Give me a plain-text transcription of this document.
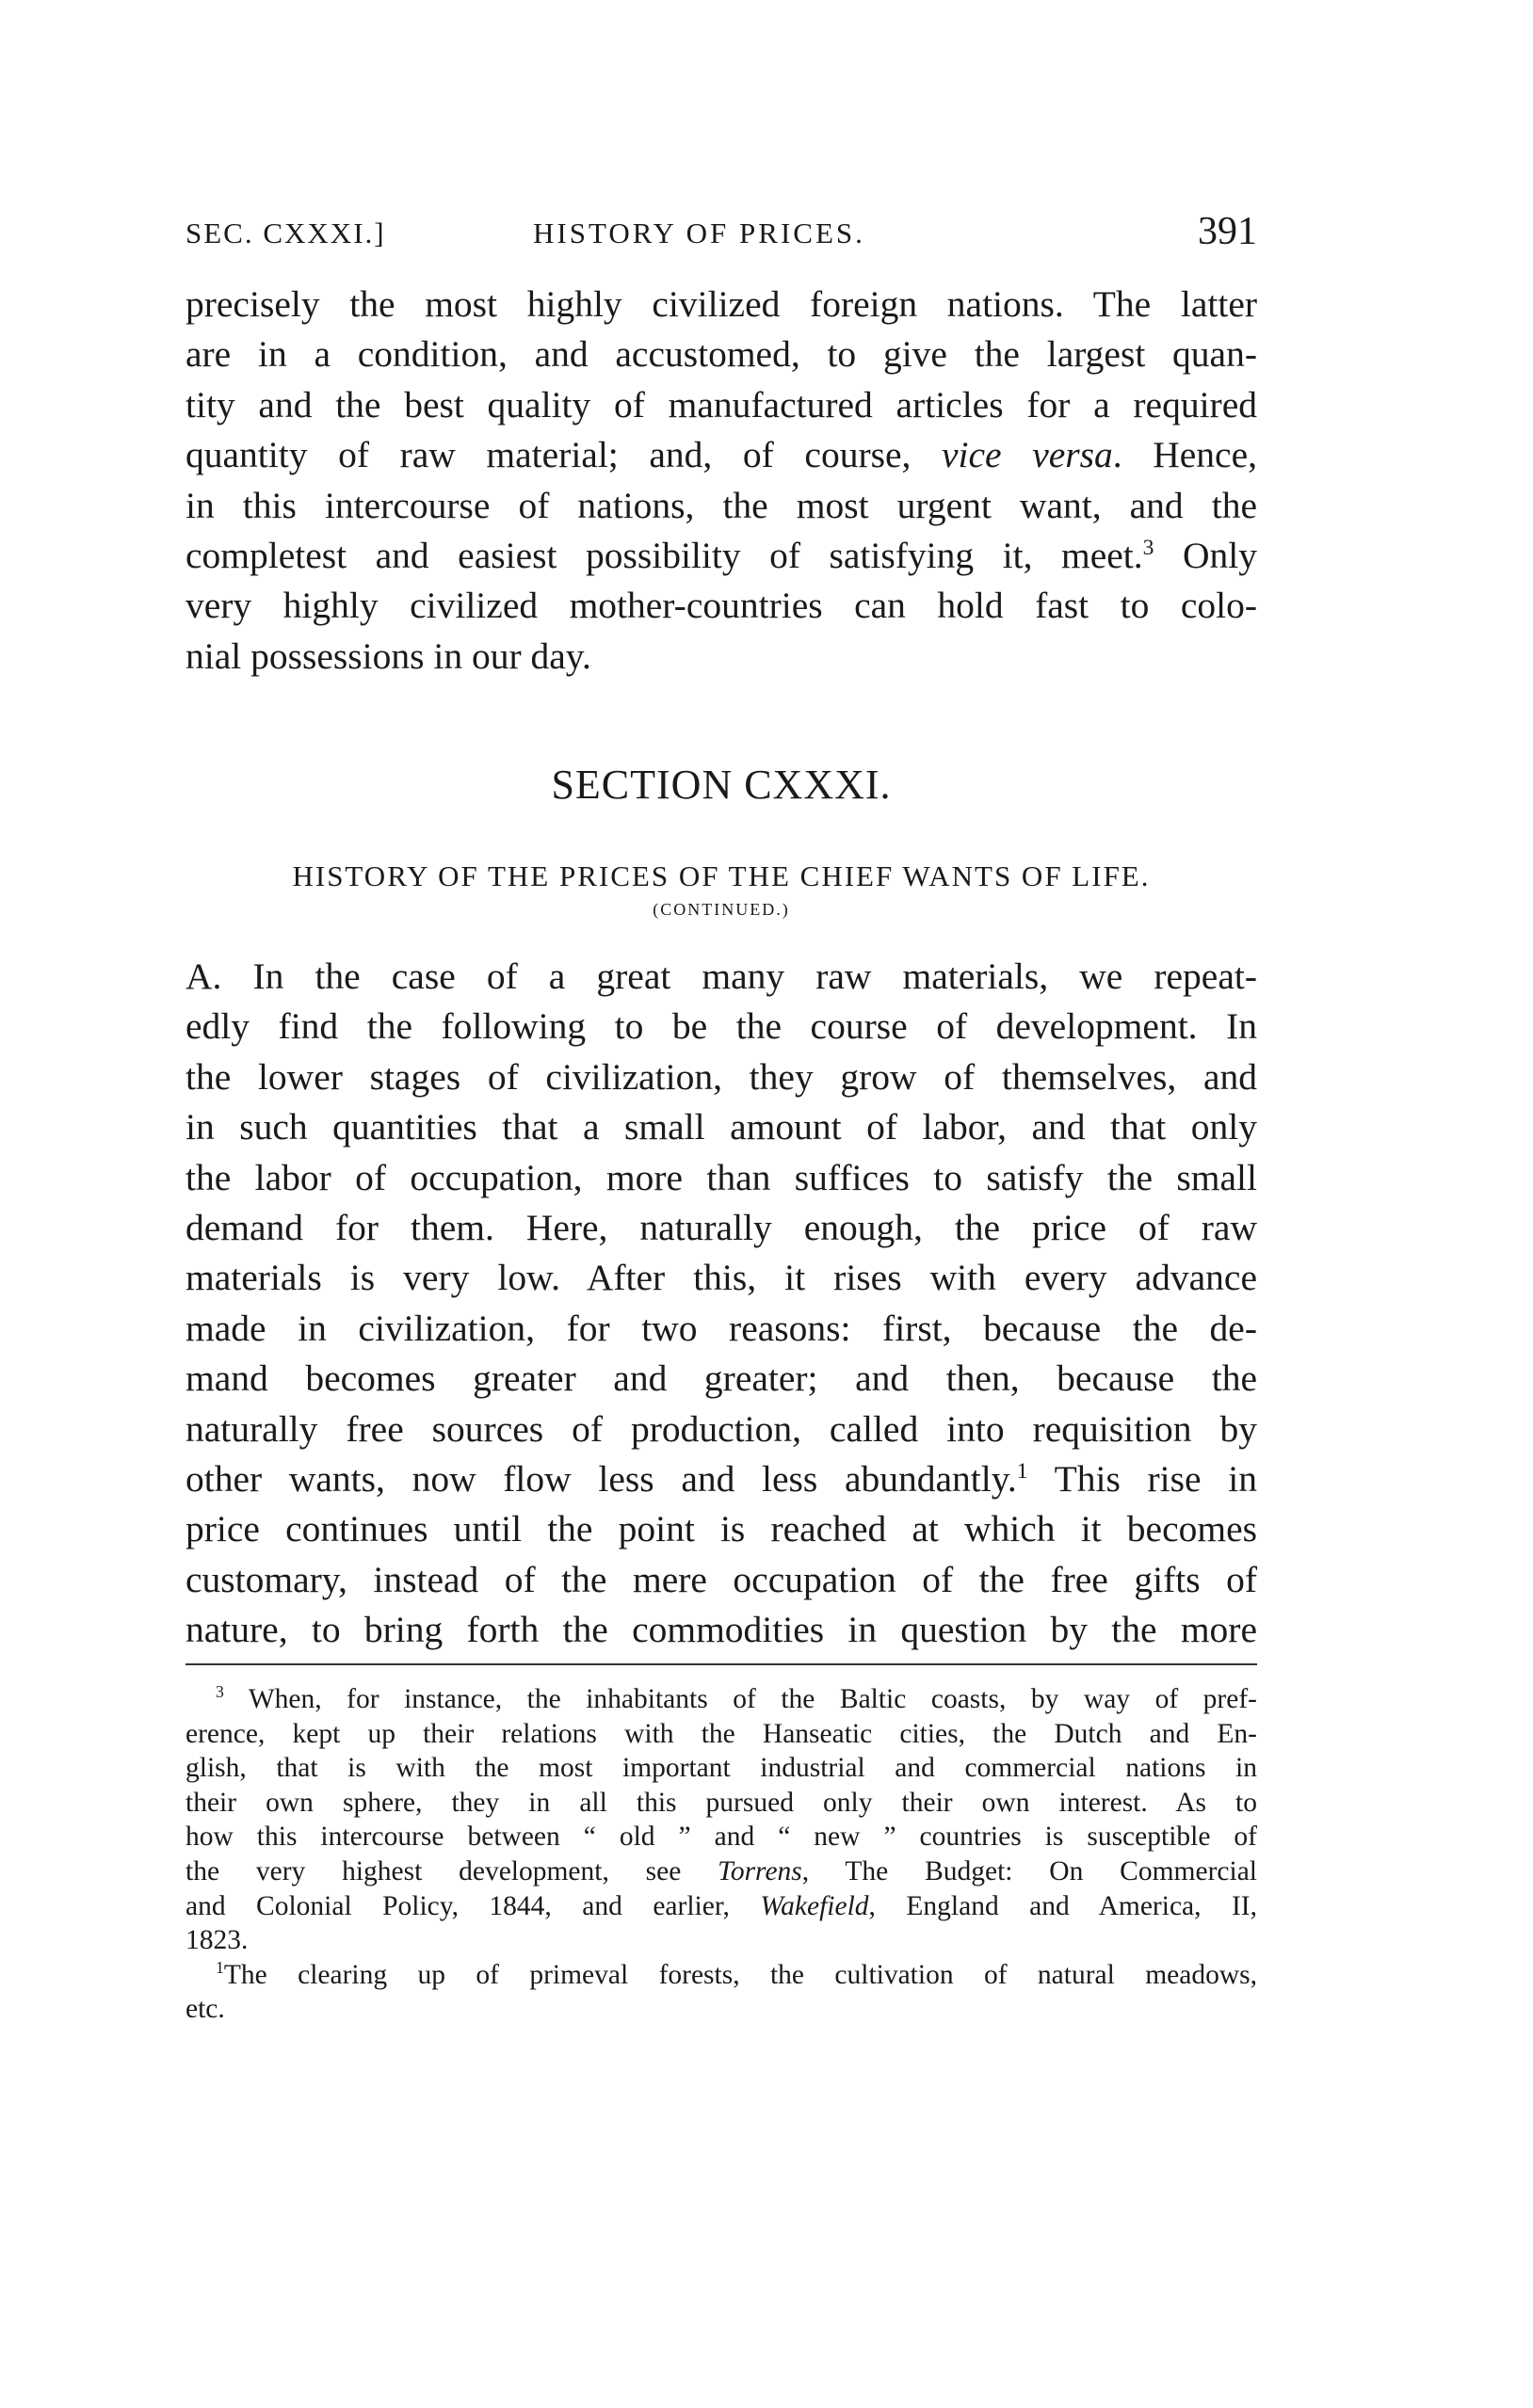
SEC. CXXXI.]	HISTORY OF PRICES.	391
precisely the most highly civilized foreign nations. The latter
are in a condition, and accustomed, to give the largest quan-
tity and the best quality of manufactured articles for a required
quantity of raw material; and, of course, vice versa. Hence,
in this intercourse of nations, the most urgent want, and the
completest and easiest possibility of satisfying it, meet.$^3$ Only
very highly civilized mother-countries can hold fast to colo-
nial possessions in our day.
SECTION CXXXI.
HISTORY OF THE PRICES OF THE CHIEF WANTS OF LIFE.
(CONTINUED.)
A. In the case of a great many raw materials, we repeat-
edly find the following to be the course of development. In
the lower stages of civilization, they grow of themselves, and
in such quantities that a small amount of labor, and that only
the labor of occupation, more than suffices to satisfy the small
demand for them. Here, naturally enough, the price of raw
materials is very low. After this, it rises with every advance
made in civilization, for two reasons: first, because the de-
mand becomes greater and greater; and then, because the
naturally free sources of production, called into requisition by
other wants, now flow less and less abundantly.$^1$ This rise in
price continues until the point is reached at which it becomes
customary, instead of the mere occupation of the free gifts of
nature, to bring forth the commodities in question by the more

$^3$ When, for instance, the inhabitants of the Baltic coasts, by way of pref-
erence, kept up their relations with the Hanseatic cities, the Dutch and En-
glish, that is with the most important industrial and commercial nations in
their own sphere, they in all this pursued only their own interest. As to
how this intercourse between “ old ” and “ new ” countries is susceptible of
the very highest development, see Torrens, The Budget: On Commercial
and Colonial Policy, 1844, and earlier, Wakefield, England and America, II,
1823.

$^1$The clearing up of primeval forests, the cultivation of natural meadows,
etc.
